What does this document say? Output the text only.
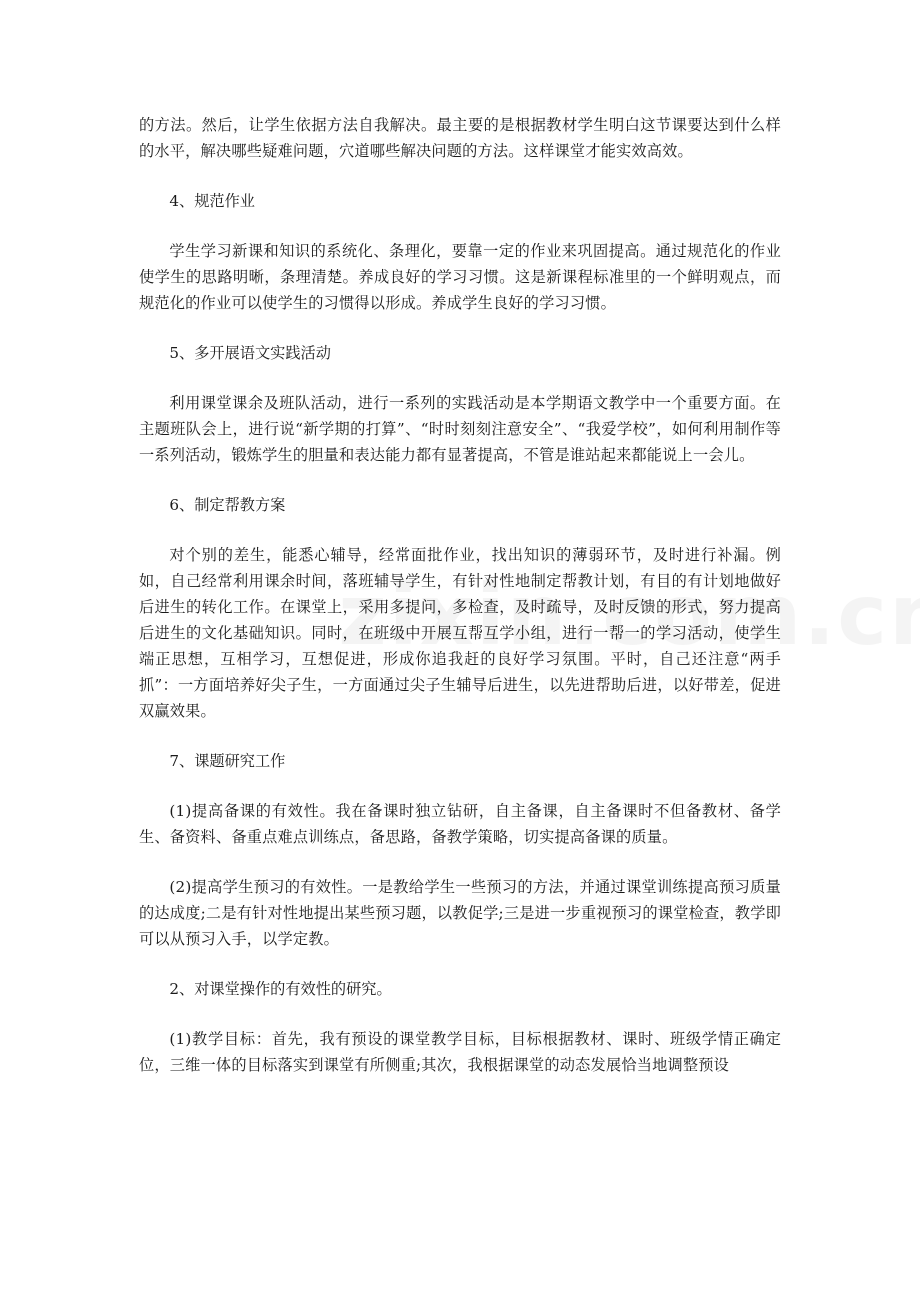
的方法。然后，让学生依据方法自我解决。最主要的是根据教材学生明白这节课要达到什么样的水平，解决哪些疑难问题，穴道哪些解决问题的方法。这样课堂才能实效高效。

4、规范作业

学生学习新课和知识的系统化、条理化，要靠一定的作业来巩固提高。通过规范化的作业使学生的思路明晰，条理清楚。养成良好的学习习惯。这是新课程标准里的一个鲜明观点，而规范化的作业可以使学生的习惯得以形成。养成学生良好的学习习惯。

5、多开展语文实践活动

利用课堂课余及班队活动，进行一系列的实践活动是本学期语文教学中一个重要方面。在主题班队会上，进行说“新学期的打算”、“时时刻刻注意安全”、“我爱学校”，如何利用制作等一系列活动，锻炼学生的胆量和表达能力都有显著提高，不管是谁站起来都能说上一会儿。

6、制定帮教方案

对个别的差生，能悉心辅导，经常面批作业，找出知识的薄弱环节，及时进行补漏。例如，自己经常利用课余时间，落班辅导学生，有针对性地制定帮教计划，有目的有计划地做好后进生的转化工作。在课堂上，采用多提问，多检查，及时疏导，及时反馈的形式，努力提高后进生的文化基础知识。同时，在班级中开展互帮互学小组，进行一帮一的学习活动，使学生端正思想，互相学习，互想促进，形成你追我赶的良好学习氛围。平时，自己还注意“两手抓”：一方面培养好尖子生，一方面通过尖子生辅导后进生，以先进帮助后进，以好带差，促进双赢效果。

7、课题研究工作

(1)提高备课的有效性。我在备课时独立钻研，自主备课，自主备课时不但备教材、备学生、备资料、备重点难点训练点，备思路，备教学策略，切实提高备课的质量。

(2)提高学生预习的有效性。一是教给学生一些预习的方法，并通过课堂训练提高预习质量的达成度;二是有针对性地提出某些预习题，以教促学;三是进一步重视预习的课堂检查，教学即可以从预习入手，以学定教。

2、对课堂操作的有效性的研究。

(1)教学目标：首先，我有预设的课堂教学目标，目标根据教材、课时、班级学情正确定位，三维一体的目标落实到课堂有所侧重;其次，我根据课堂的动态发展恰当地调整预设
